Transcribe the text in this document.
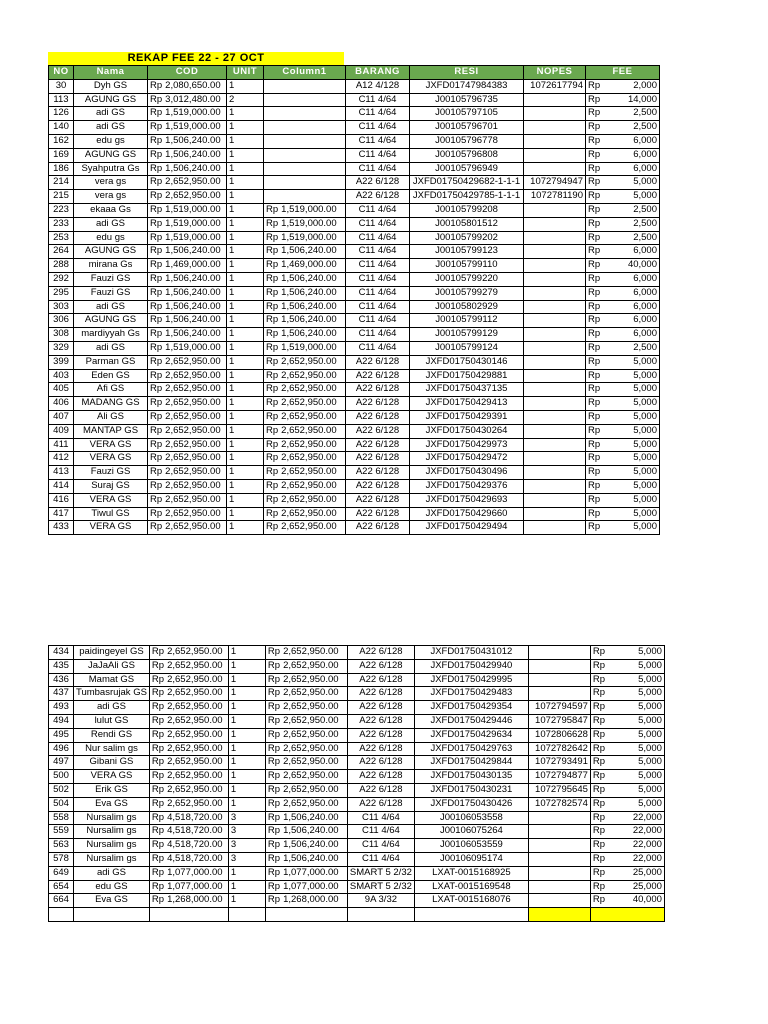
REKAP FEE 22 - 27 OCT
NO	Nama	COD	UNIT	Column1	BARANG	RESI	NOPES	FEE
30	Dyh GS	Rp 2,080,650.00	1		A12 4/128	JXFD01747984383	1072617794	Rp 2,000

113	AGUNG GS	Rp 3,012,480.00	2		C11 4/64	J00105796735		Rp 14,000

126	adi GS	Rp 1,519,000.00	1		C11 4/64	J00105797105		Rp 2,500

140	adi GS	Rp 1,519,000.00	1		C11 4/64	J00105796701		Rp 2,500

162	edu gs	Rp 1,506,240.00	1		C11 4/64	J00105796778		Rp 6,000

169	AGUNG GS	Rp 1,506,240.00	1		C11 4/64	J00105796808		Rp 6,000

186	Syahputra Gs	Rp 1,506,240.00	1		C11 4/64	J00105796949		Rp 6,000

214	vera gs	Rp 2,652,950.00	1		A22 6/128	JXFD01750429682-1-1-1	1072794947	Rp 5,000

215	vera gs	Rp 2,652,950.00	1		A22 6/128	JXFD01750429785-1-1-1	1072781190	Rp 5,000

223	ekaaa Gs	Rp 1,519,000.00	1	Rp 1,519,000.00	C11 4/64	J00105799208		Rp 2,500

233	adi GS	Rp 1,519,000.00	1	Rp 1,519,000.00	C11 4/64	J00105801512		Rp 2,500

253	edu gs	Rp 1,519,000.00	1	Rp 1,519,000.00	C11 4/64	J00105799202		Rp 2,500

264	AGUNG GS	Rp 1,506,240.00	1	Rp 1,506,240.00	C11 4/64	J00105799123		Rp 6,000

288	mirana Gs	Rp 1,469,000.00	1	Rp 1,469,000.00	C11 4/64	J00105799110		Rp 40,000

292	Fauzi GS	Rp 1,506,240.00	1	Rp 1,506,240.00	C11 4/64	J00105799220		Rp 6,000

295	Fauzi GS	Rp 1,506,240.00	1	Rp 1,506,240.00	C11 4/64	J00105799279		Rp 6,000

303	adi GS	Rp 1,506,240.00	1	Rp 1,506,240.00	C11 4/64	J00105802929		Rp 6,000

306	AGUNG GS	Rp 1,506,240.00	1	Rp 1,506,240.00	C11 4/64	J00105799112		Rp 6,000

308	mardiyyah Gs	Rp 1,506,240.00	1	Rp 1,506,240.00	C11 4/64	J00105799129		Rp 6,000

329	adi GS	Rp 1,519,000.00	1	Rp 1,519,000.00	C11 4/64	J00105799124		Rp 2,500

399	Parman GS	Rp 2,652,950.00	1	Rp 2,652,950.00	A22 6/128	JXFD01750430146		Rp 5,000

403	Eden GS	Rp 2,652,950.00	1	Rp 2,652,950.00	A22 6/128	JXFD01750429881		Rp 5,000

405	Afi GS	Rp 2,652,950.00	1	Rp 2,652,950.00	A22 6/128	JXFD01750437135		Rp 5,000

406	MADANG GS	Rp 2,652,950.00	1	Rp 2,652,950.00	A22 6/128	JXFD01750429413		Rp 5,000

407	Ali GS	Rp 2,652,950.00	1	Rp 2,652,950.00	A22 6/128	JXFD01750429391		Rp 5,000

409	MANTAP GS	Rp 2,652,950.00	1	Rp 2,652,950.00	A22 6/128	JXFD01750430264		Rp 5,000

411	VERA GS	Rp 2,652,950.00	1	Rp 2,652,950.00	A22 6/128	JXFD01750429973		Rp 5,000

412	VERA GS	Rp 2,652,950.00	1	Rp 2,652,950.00	A22 6/128	JXFD01750429472		Rp 5,000

413	Fauzi GS	Rp 2,652,950.00	1	Rp 2,652,950.00	A22 6/128	JXFD01750430496		Rp 5,000

414	Suraj GS	Rp 2,652,950.00	1	Rp 2,652,950.00	A22 6/128	JXFD01750429376		Rp 5,000

416	VERA GS	Rp 2,652,950.00	1	Rp 2,652,950.00	A22 6/128	JXFD01750429693		Rp 5,000

417	Tiwul GS	Rp 2,652,950.00	1	Rp 2,652,950.00	A22 6/128	JXFD01750429660		Rp 5,000

433	VERA GS	Rp 2,652,950.00	1	Rp 2,652,950.00	A22 6/128	JXFD01750429494		Rp 5,000
434	paidingeyel GS	Rp 2,652,950.00	1	Rp 2,652,950.00	A22 6/128	JXFD01750431012		Rp 5,000

435	JaJaAli GS	Rp 2,652,950.00	1	Rp 2,652,950.00	A22 6/128	JXFD01750429940		Rp 5,000

436	Mamat GS	Rp 2,652,950.00	1	Rp 2,652,950.00	A22 6/128	JXFD01750429995		Rp 5,000

437	Tumbasrujak GS	Rp 2,652,950.00	1	Rp 2,652,950.00	A22 6/128	JXFD01750429483		Rp 5,000

493	adi GS	Rp 2,652,950.00	1	Rp 2,652,950.00	A22 6/128	JXFD01750429354	1072794597	Rp 5,000

494	lulut GS	Rp 2,652,950.00	1	Rp 2,652,950.00	A22 6/128	JXFD01750429446	1072795847	Rp 5,000

495	Rendi GS	Rp 2,652,950.00	1	Rp 2,652,950.00	A22 6/128	JXFD01750429634	1072806628	Rp 5,000

496	Nur salim gs	Rp 2,652,950.00	1	Rp 2,652,950.00	A22 6/128	JXFD01750429763	1072782642	Rp 5,000

497	Gibani GS	Rp 2,652,950.00	1	Rp 2,652,950.00	A22 6/128	JXFD01750429844	1072793491	Rp 5,000

500	VERA GS	Rp 2,652,950.00	1	Rp 2,652,950.00	A22 6/128	JXFD01750430135	1072794877	Rp 5,000

502	Erik GS	Rp 2,652,950.00	1	Rp 2,652,950.00	A22 6/128	JXFD01750430231	1072795645	Rp 5,000

504	Eva GS	Rp 2,652,950.00	1	Rp 2,652,950.00	A22 6/128	JXFD01750430426	1072782574	Rp 5,000

558	Nursalim gs	Rp 4,518,720.00	3	Rp 1,506,240.00	C11 4/64	J00106053558		Rp 22,000

559	Nursalim gs	Rp 4,518,720.00	3	Rp 1,506,240.00	C11 4/64	J00106075264		Rp 22,000

563	Nursalim gs	Rp 4,518,720.00	3	Rp 1,506,240.00	C11 4/64	J00106053559		Rp 22,000

578	Nursalim gs	Rp 4,518,720.00	3	Rp 1,506,240.00	C11 4/64	J00106095174		Rp 22,000

649	adi GS	Rp 1,077,000.00	1	Rp 1,077,000.00	SMART 5 2/32	LXAT-0015168925		Rp 25,000

654	edu GS	Rp 1,077,000.00	1	Rp 1,077,000.00	SMART 5 2/32	LXAT-0015169548		Rp 25,000

664	Eva GS	Rp 1,268,000.00	1	Rp 1,268,000.00	9A 3/32	LXAT-0015168076		Rp 40,000
